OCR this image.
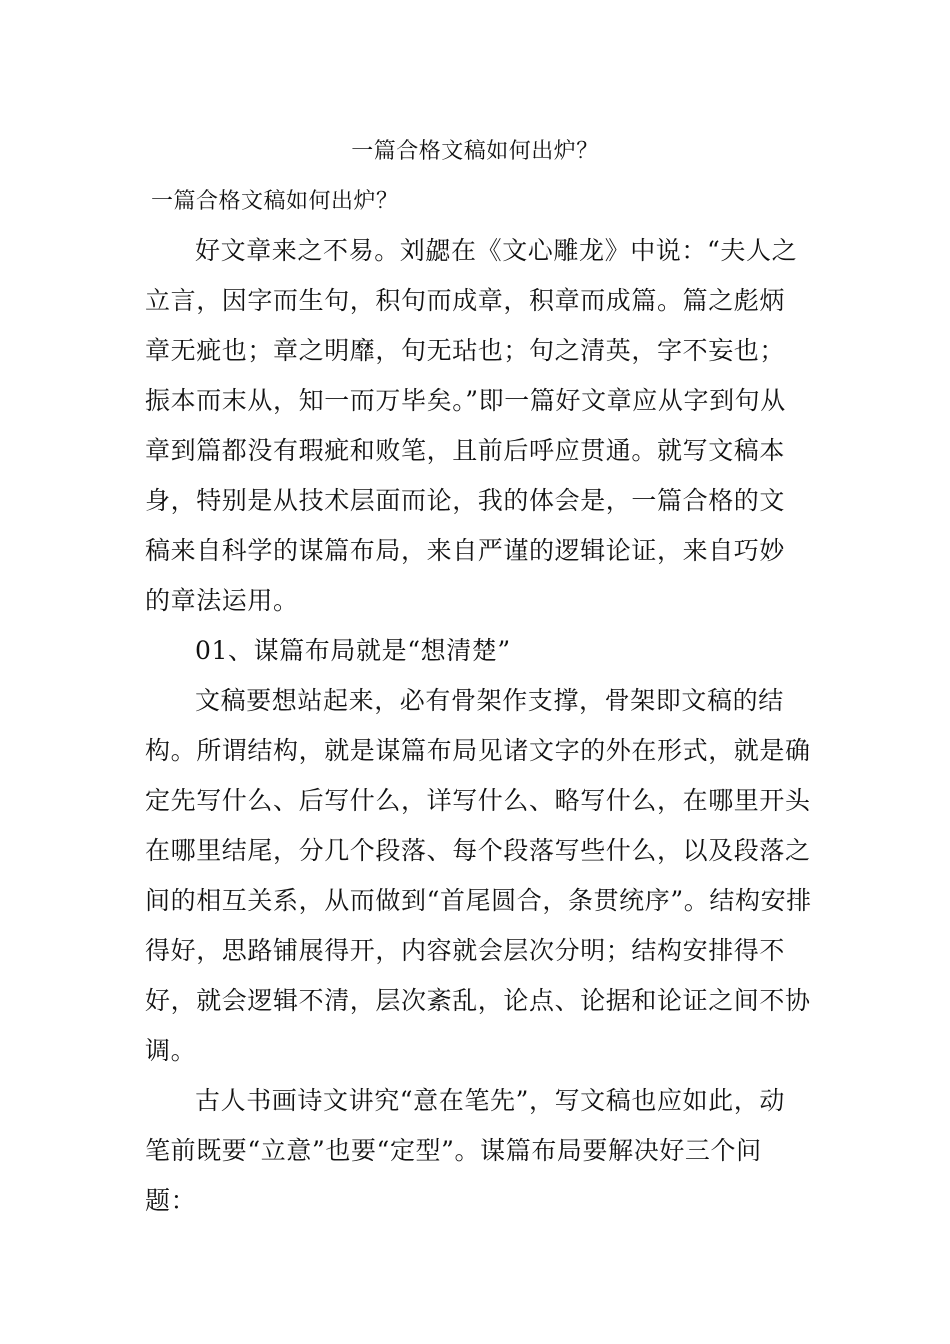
一篇合格文稿如何出炉？

一篇合格文稿如何出炉？

好文章来之不易。刘勰在《文心雕龙》中说：“夫人之立言，因字而生句，积句而成章，积章而成篇。篇之彪炳章无疵也；章之明靡，句无玷也；句之清英，字不妄也；振本而末从，知一而万毕矣。”即一篇好文章应从字到句从章到篇都没有瑕疵和败笔，且前后呼应贯通。就写文稿本身，特别是从技术层面而论，我的体会是，一篇合格的文稿来自科学的谋篇布局，来自严谨的逻辑论证，来自巧妙的章法运用。

01、谋篇布局就是“想清楚”

文稿要想站起来，必有骨架作支撑，骨架即文稿的结构。所谓结构，就是谋篇布局见诸文字的外在形式，就是确定先写什么、后写什么，详写什么、略写什么，在哪里开头在哪里结尾，分几个段落、每个段落写些什么，以及段落之间的相互关系，从而做到“首尾圆合，条贯统序”。结构安排得好，思路铺展得开，内容就会层次分明；结构安排得不好，就会逻辑不清，层次紊乱，论点、论据和论证之间不协调。

古人书画诗文讲究“意在笔先”，写文稿也应如此，动笔前既要“立意”也要“定型”。谋篇布局要解决好三个问题：
